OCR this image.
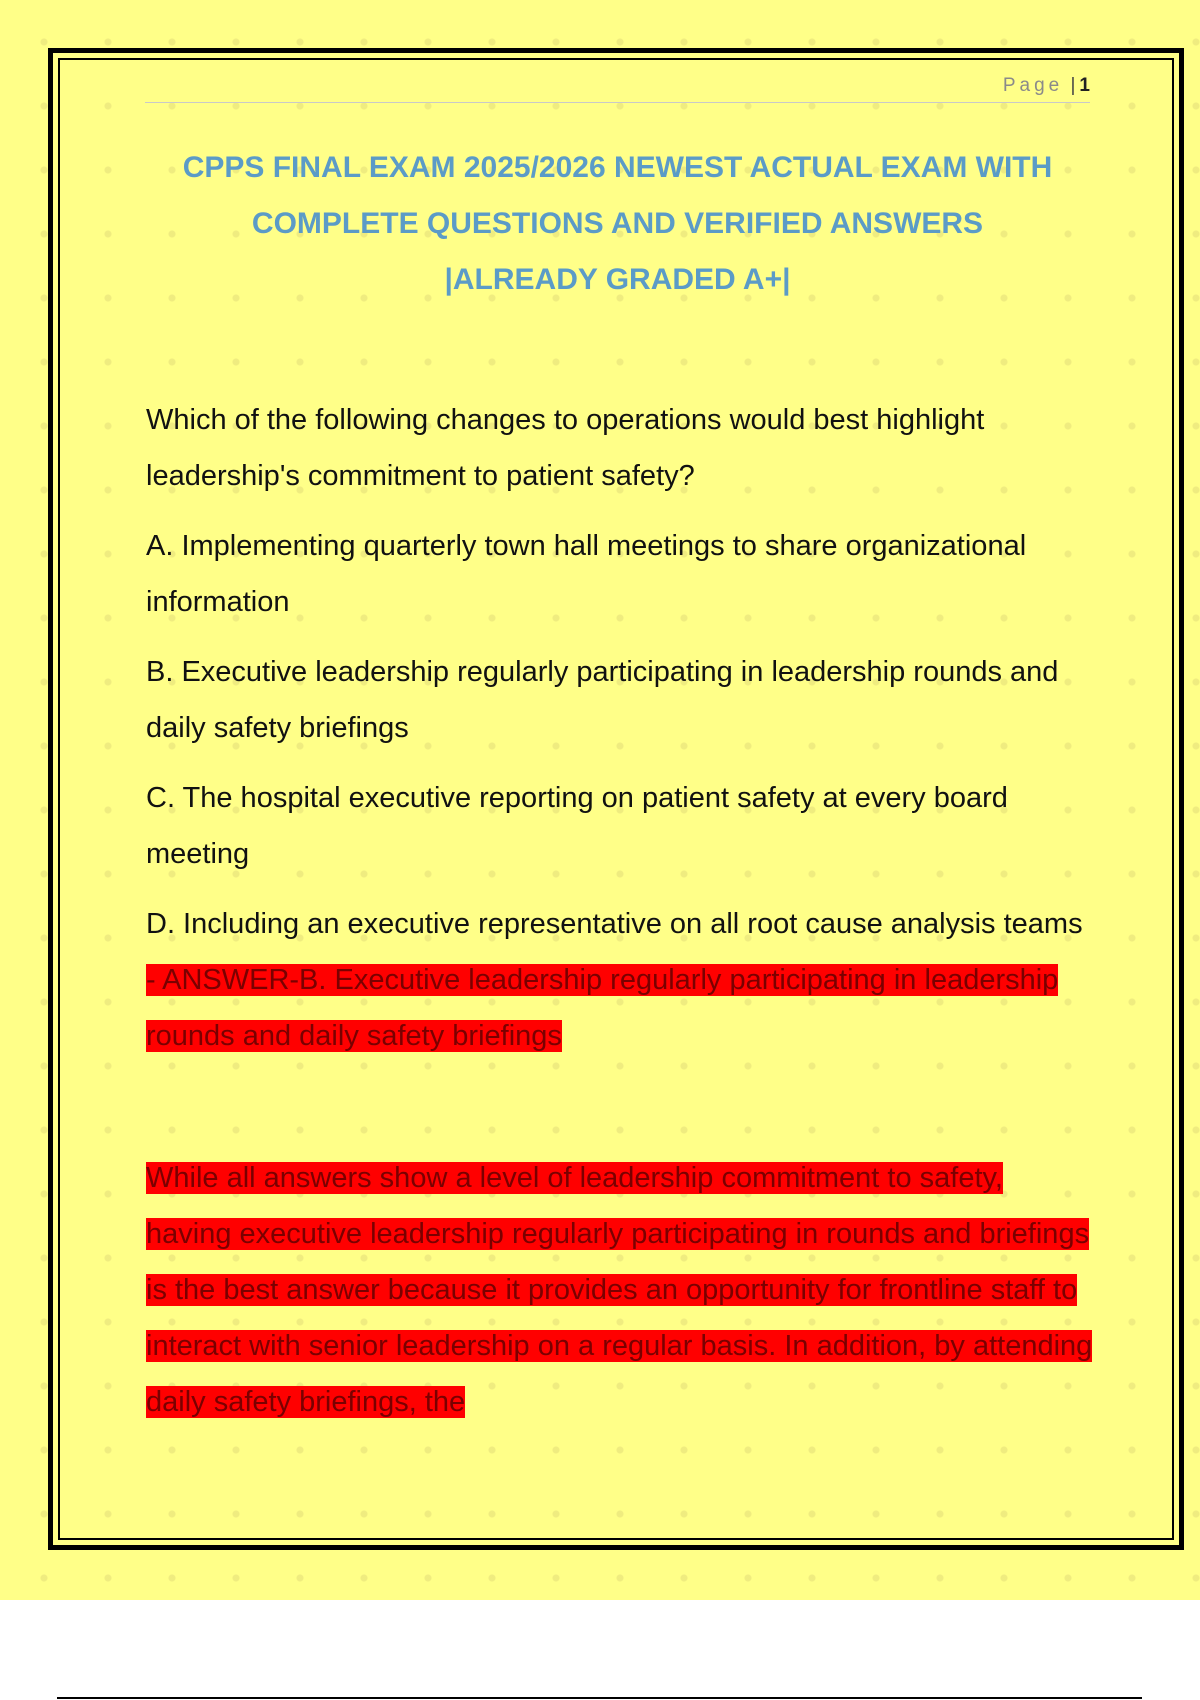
Page | 1
CPPS FINAL EXAM 2025/2026 NEWEST ACTUAL EXAM WITH
COMPLETE QUESTIONS AND VERIFIED ANSWERS
|ALREADY GRADED A+|

Which of the following changes to operations would best highlight leadership's commitment to patient safety?

A. Implementing quarterly town hall meetings to share organizational information

B. Executive leadership regularly participating in leadership rounds and daily safety briefings

C. The hospital executive reporting on patient safety at every board meeting

D. Including an executive representative on all root cause analysis teams - ANSWER-B. Executive leadership regularly participating in leadership rounds and daily safety briefings

While all answers show a level of leadership commitment to safety, having executive leadership regularly participating in rounds and briefings is the best answer because it provides an opportunity for frontline staff to interact with senior leadership on a regular basis. In addition, by attending daily safety briefings, the
